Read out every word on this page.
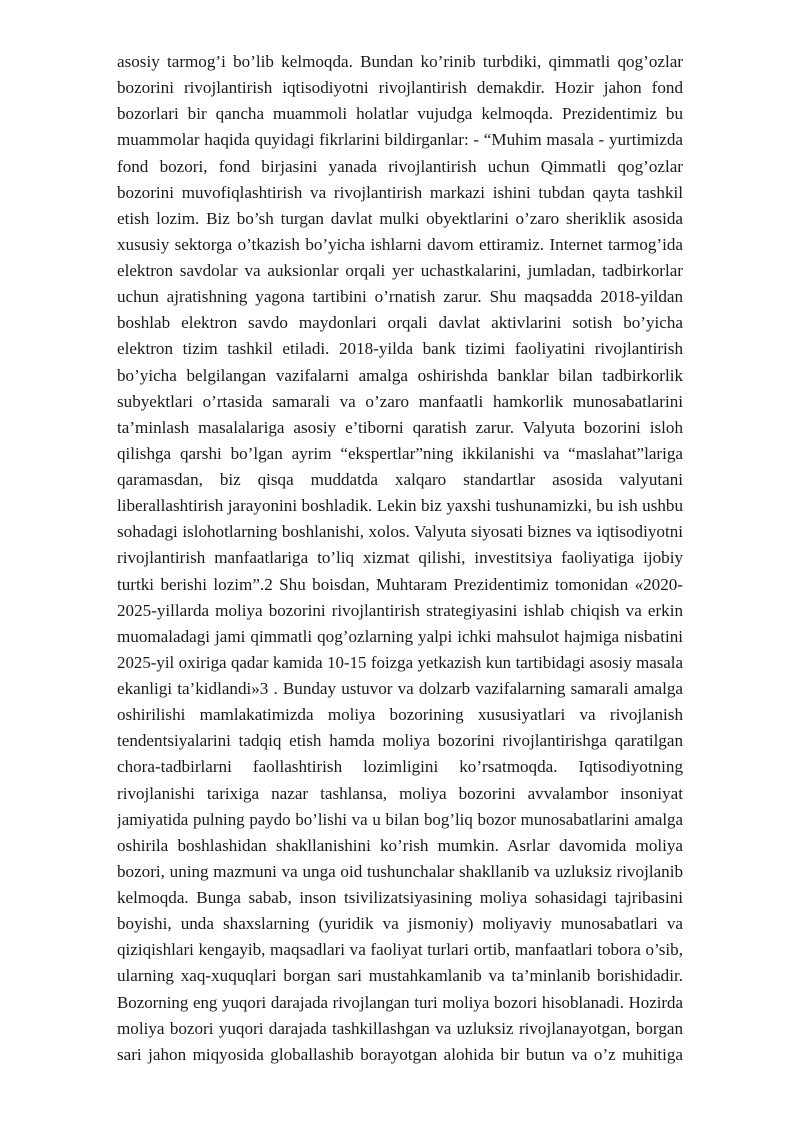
asosiy tarmog’i bo’lib kelmoqda. Bundan ko’rinib turbdiki, qimmatli qog’ozlar
bozorini rivojlantirish iqtisodiyotni rivojlantirish demakdir. Hozir jahon fond
bozorlari bir qancha muammoli holatlar vujudga kelmoqda. Prezidentimiz bu
muammolar haqida quyidagi fikrlarini bildirganlar: - “Muhim masala - yurtimizda
fond bozori, fond birjasini yanada rivojlantirish uchun Qimmatli qog’ozlar
bozorini muvofiqlashtirish va rivojlantirish markazi ishini tubdan qayta tashkil
etish lozim. Biz bo’sh turgan davlat mulki obyektlarini o’zaro sheriklik asosida
xususiy sektorga o’tkazish bo’yicha ishlarni davom ettiramiz. Internet tarmog’ida
elektron savdolar va auksionlar orqali yer uchastkalarini, jumladan, tadbirkorlar
uchun ajratishning yagona tartibini o’rnatish zarur. Shu maqsadda 2018-yildan
boshlab elektron savdo maydonlari orqali davlat aktivlarini sotish bo’yicha
elektron tizim tashkil etiladi. 2018-yilda bank tizimi faoliyatini rivojlantirish
bo’yicha belgilangan vazifalarni amalga oshirishda banklar bilan tadbirkorlik
subyektlari o’rtasida samarali va o’zaro manfaatli hamkorlik munosabatlarini
ta’minlash masalalariga asosiy e’tiborni qaratish zarur. Valyuta bozorini isloh
qilishga qarshi bo’lgan ayrim “ekspertlar”ning ikkilanishi va “maslahat”lariga
qaramasdan, biz qisqa muddatda xalqaro standartlar asosida valyutani
liberallashtirish jarayonini boshladik. Lekin biz yaxshi tushunamizki, bu ish ushbu
sohadagi islohotlarning boshlanishi, xolos. Valyuta siyosati biznes va iqtisodiyotni
rivojlantirish manfaatlariga to’liq xizmat qilishi, investitsiya faoliyatiga ijobiy
turtki berishi lozim”.2 Shu boisdan, Muhtaram Prezidentimiz tomonidan «2020-
2025-yillarda moliya bozorini rivojlantirish strategiyasini ishlab chiqish va erkin
muomaladagi jami qimmatli qog’ozlarning yalpi ichki mahsulot hajmiga nisbatini
2025-yil oxiriga qadar kamida 10-15 foizga yetkazish kun tartibidagi asosiy masala
ekanligi ta’kidlandi»3 . Bunday ustuvor va dolzarb vazifalarning samarali amalga
oshirilishi mamlakatimizda moliya bozorining xususiyatlari va rivojlanish
tendentsiyalarini tadqiq etish hamda moliya bozorini rivojlantirishga qaratilgan
chora-tadbirlarni faollashtirish lozimligini ko’rsatmoqda. Iqtisodiyotning
rivojlanishi tarixiga nazar tashlansa, moliya bozorini avvalambor insoniyat
jamiyatida pulning paydo bo’lishi va u bilan bog’liq bozor munosabatlarini amalga
oshirila boshlashidan shakllanishini ko’rish mumkin. Asrlar davomida moliya
bozori, uning mazmuni va unga oid tushunchalar shakllanib va uzluksiz rivojlanib
kelmoqda. Bunga sabab, inson tsivilizatsiyasining moliya sohasidagi tajribasini
boyishi, unda shaxslarning (yuridik va jismoniy) moliyaviy munosabatlari va
qiziqishlari kengayib, maqsadlari va faoliyat turlari ortib, manfaatlari tobora o’sib,
ularning xaq-xuquqlari borgan sari mustahkamlanib va ta’minlanib borishidadir.
Bozorning eng yuqori darajada rivojlangan turi moliya bozori hisoblanadi. Hozirda
moliya bozori yuqori darajada tashkillashgan va uzluksiz rivojlanayotgan, borgan
sari jahon miqyosida globallashib borayotgan alohida bir butun va o’z muhitiga
